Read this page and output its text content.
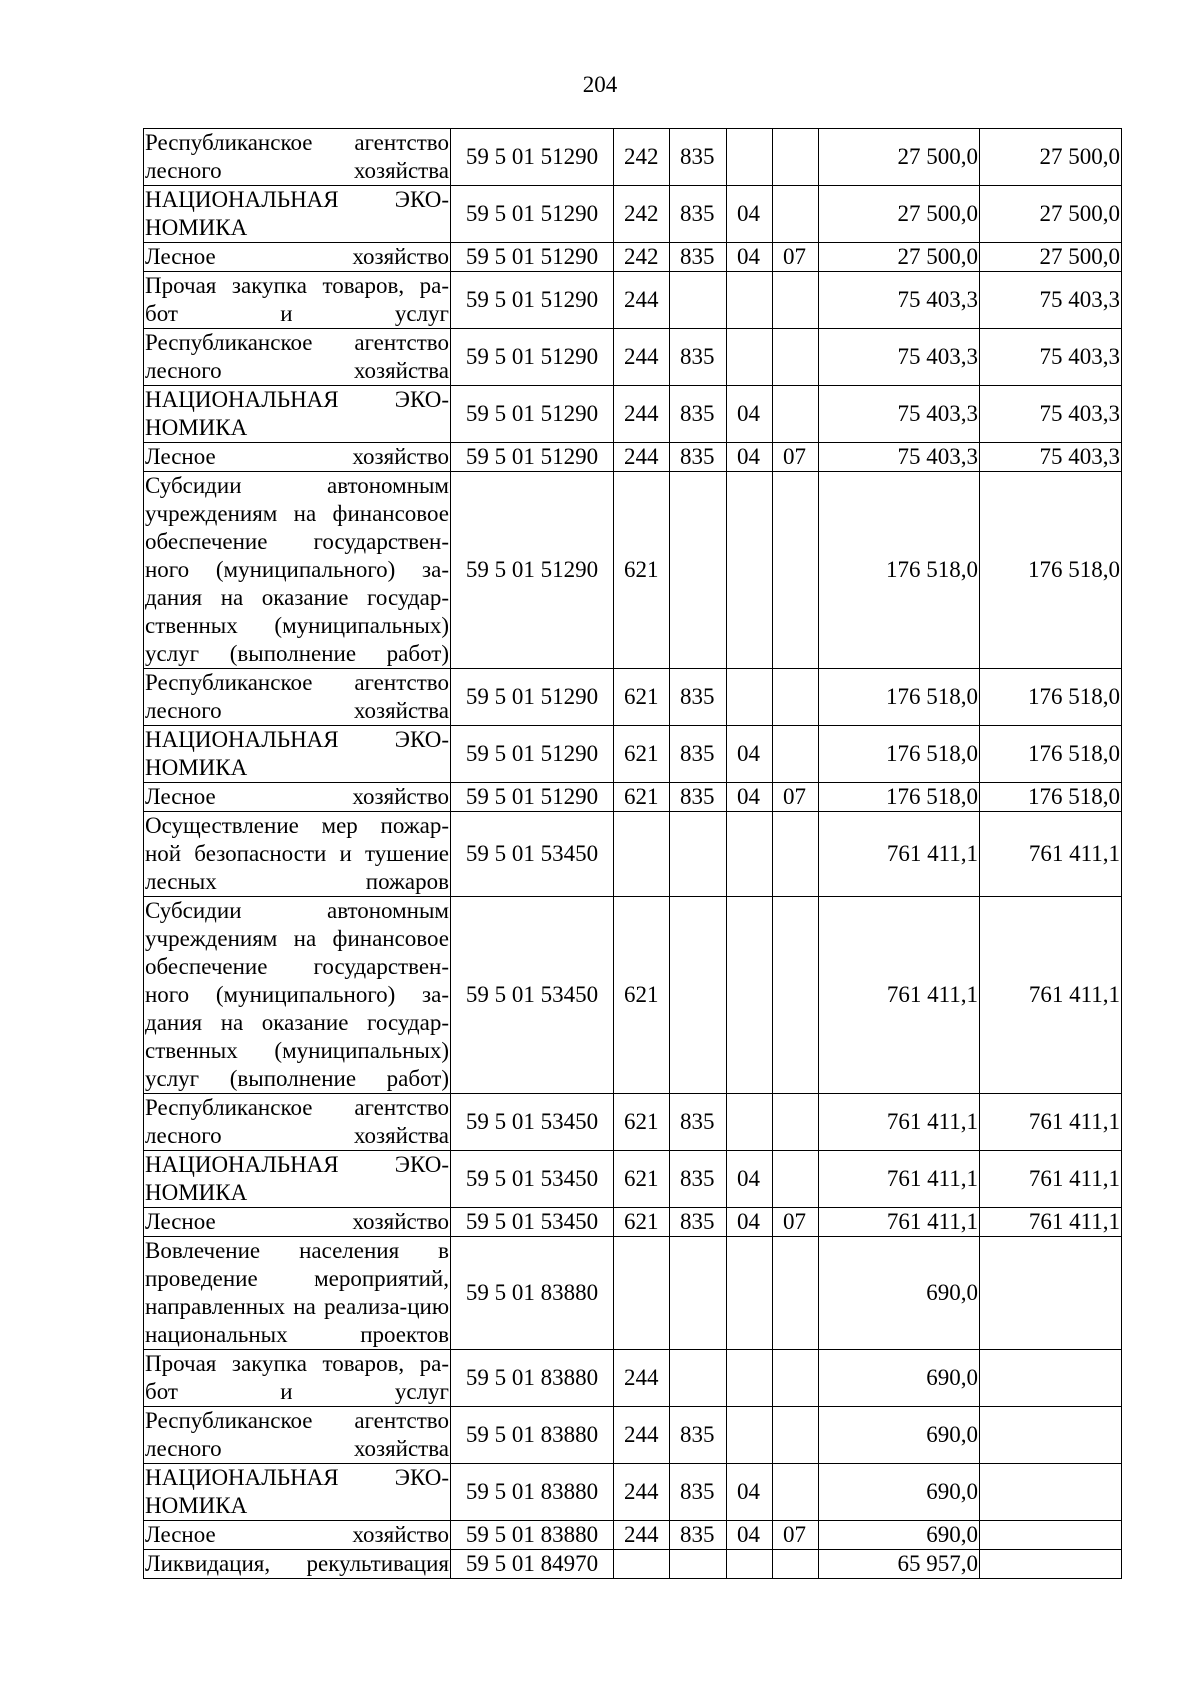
204
Республиканское агентство лесного хозяйства	59 5 01 51290	242	835			27 500,0	27 500,0
НАЦИОНАЛЬНАЯ ЭКО-НОМИКА	59 5 01 51290	242	835	04		27 500,0	27 500,0
Лесное хозяйство	59 5 01 51290	242	835	04	07	27 500,0	27 500,0
Прочая закупка товаров, ра-бот и услуг	59 5 01 51290	244				75 403,3	75 403,3
Республиканское агентство лесного хозяйства	59 5 01 51290	244	835			75 403,3	75 403,3
НАЦИОНАЛЬНАЯ ЭКО-НОМИКА	59 5 01 51290	244	835	04		75 403,3	75 403,3
Лесное хозяйство	59 5 01 51290	244	835	04	07	75 403,3	75 403,3
Субсидии автономным учреждениям на финансовое обеспечение государствен-ного (муниципального) за-дания на оказание государ-ственных (муниципальных) услуг (выполнение работ)	59 5 01 51290	621				176 518,0	176 518,0
Республиканское агентство лесного хозяйства	59 5 01 51290	621	835			176 518,0	176 518,0
НАЦИОНАЛЬНАЯ ЭКО-НОМИКА	59 5 01 51290	621	835	04		176 518,0	176 518,0
Лесное хозяйство	59 5 01 51290	621	835	04	07	176 518,0	176 518,0
Осуществление мер пожар-ной безопасности и тушение лесных пожаров	59 5 01 53450					761 411,1	761 411,1
Субсидии автономным учреждениям на финансовое обеспечение государствен-ного (муниципального) за-дания на оказание государ-ственных (муниципальных) услуг (выполнение работ)	59 5 01 53450	621				761 411,1	761 411,1
Республиканское агентство лесного хозяйства	59 5 01 53450	621	835			761 411,1	761 411,1
НАЦИОНАЛЬНАЯ ЭКО-НОМИКА	59 5 01 53450	621	835	04		761 411,1	761 411,1
Лесное хозяйство	59 5 01 53450	621	835	04	07	761 411,1	761 411,1
Вовлечение населения в проведение мероприятий, направленных на реализа-цию национальных проектов	59 5 01 83880					690,0	
Прочая закупка товаров, ра-бот и услуг	59 5 01 83880	244				690,0	
Республиканское агентство лесного хозяйства	59 5 01 83880	244	835			690,0	
НАЦИОНАЛЬНАЯ ЭКО-НОМИКА	59 5 01 83880	244	835	04		690,0	
Лесное хозяйство	59 5 01 83880	244	835	04	07	690,0	
Ликвидация, рекультивация	59 5 01 84970					65 957,0	
